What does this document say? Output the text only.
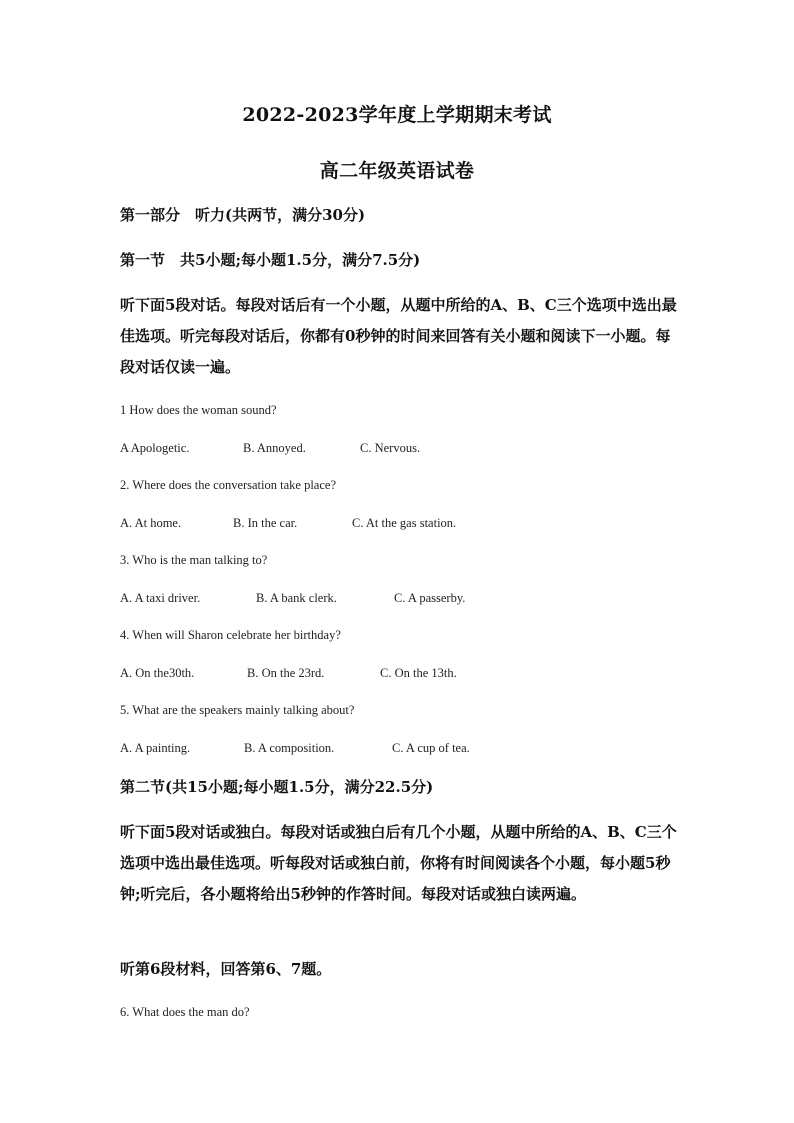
2022-2023学年度上学期期末考试
高二年级英语试卷

第一部分　听力(共两节，满分30分)

第一节　共5小题;每小题1.5分，满分7.5分)

听下面5段对话。每段对话后有一个小题，从题中所给的A、B、C三个选项中选出最佳选项。听完每段对话后，你都有0秒钟的时间来回答有关小题和阅读下一小题。每段对话仅读一遍。

1 How does the woman sound?

A Apologetic.	B. Annoyed.	C. Nervous.

2. Where does the conversation take place?

A. At home.	B. In the car.	C. At the gas station.

3. Who is the man talking to?

A. A taxi driver.	B. A bank clerk.	C. A passerby.

4. When will Sharon celebrate her birthday?

A. On the30th.	B. On the 23rd.	C. On the 13th.

5. What are the speakers mainly talking about?

A. A painting.	B. A composition.	C. A cup of tea.

第二节(共15小题;每小题1.5分，满分22.5分)

听下面5段对话或独白。每段对话或独白后有几个小题，从题中所给的A、B、C三个选项中选出最佳选项。听每段对话或独白前，你将有时间阅读各个小题，每小题5秒钟;听完后，各小题将给出5秒钟的作答时间。每段对话或独白读两遍。

听第6段材料，回答第6、7题。

6. What does the man do?
